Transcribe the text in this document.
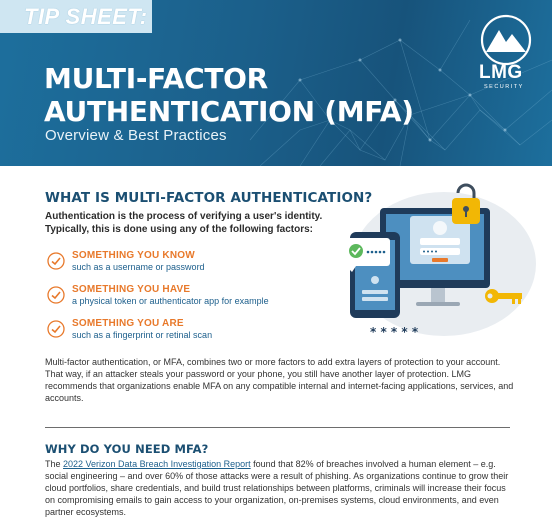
TIP SHEET:
MULTI-FACTOR
AUTHENTICATION (MFA)
Overview & Best Practices
LMG
SECURITY
WHAT IS MULTI-FACTOR AUTHENTICATION?
Authentication is the process of verifying a user's identity.
Typically, this is done using any of the following factors:
SOMETHING YOU KNOW
such as a username or password
SOMETHING YOU HAVE
a physical token or authenticator app for example
SOMETHING YOU ARE
such as a fingerprint or retinal scan	* * * * *
Multi-factor authentication, or MFA, combines two or more factors to add extra layers of protection to your account. That way, if an attacker steals your password or your phone, you still have another layer of protection. LMG recommends that organizations enable MFA on any compatible internal and internet-facing applications, services, and accounts.
WHY DO YOU NEED MFA?
The 2022 Verizon Data Breach Investigation Report found that 82% of breaches involved a human element – e.g. social engineering – and over 60% of those attacks were a result of phishing. As organizations continue to grow their cloud portfolios, share credentials, and build trust relationships between platforms, criminals will increase their focus on compromising emails to gain access to your organization, on-premises systems, cloud environments, and even partner ecosystems.
